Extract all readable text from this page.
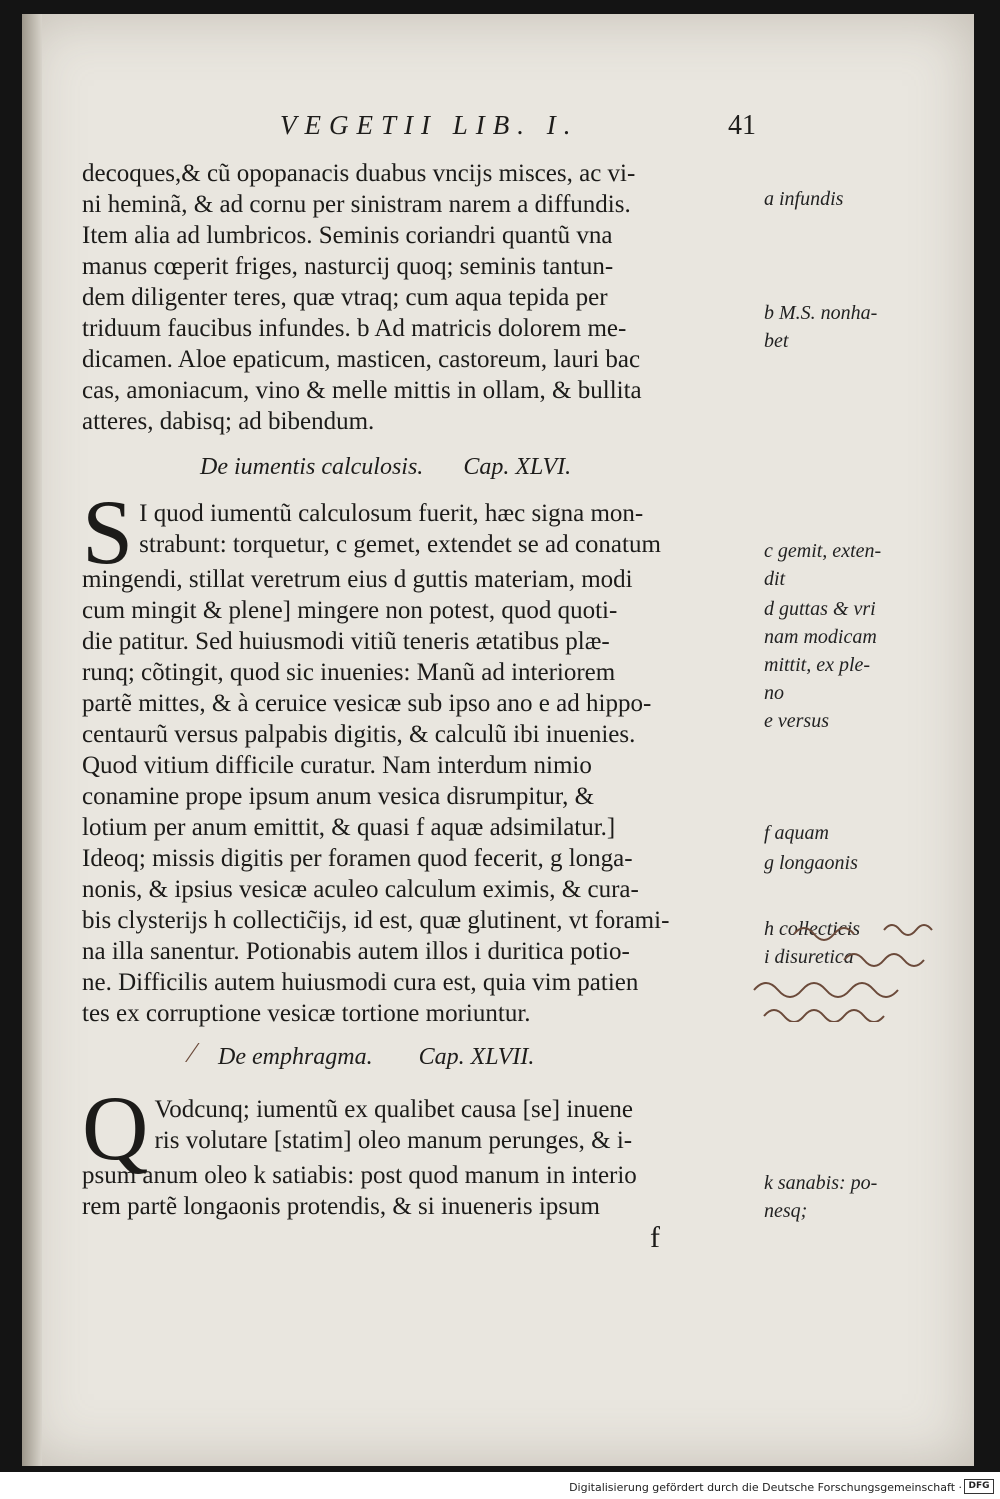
VEGETII LIB. I.	41
decoques,& cũ opopanacis duabus vncijs misces, ac vi-
ni heminã, & ad cornu per sinistram narem a diffundis.
Item alia ad lumbricos. Seminis coriandri quantũ vna
manus cœperit friges, nasturcij quoq; seminis tantun-
dem diligenter teres, quæ vtraq; cum aqua tepida per
triduum faucibus infundes. b Ad matricis dolorem me-
dicamen. Aloe epaticum, masticen, castoreum, lauri bac
cas, amoniacum, vino & melle mittis in ollam, & bullita
atteres, dabisq; ad bibendum.
De iumentis calculosis. Cap. XLVI.
S I quod iumentũ calculosum fuerit, hæc signa mon-
strabunt: torquetur, c gemet, extendet se ad conatum
mingendi, stillat veretrum eius d guttis materiam, modi
cum mingit & plene] mingere non potest, quod quoti-
die patitur. Sed huiusmodi vitiũ teneris ætatibus plæ-
runq; cõtingit, quod sic inuenies: Manũ ad interiorem
partẽ mittes, & à ceruice vesicæ sub ipso ano e ad hippo-
centaurũ versus palpabis digitis, & calculũ ibi inuenies.
Quod vitium difficile curatur. Nam interdum nimio
conamine prope ipsum anum vesica disrumpitur, &
lotium per anum emittit, & quasi f aquæ adsimilatur.]
Ideoq; missis digitis per foramen quod fecerit, g longa-
nonis, & ipsius vesicæ aculeo calculum eximis, & cura-
bis clysterijs h collectic̃ijs, id est, quæ glutinent, vt forami-
na illa sanentur. Potionabis autem illos i duritica potio-
ne. Difficilis autem huiusmodi cura est, quia vim patien
tes ex corruptione vesicæ tortione moriuntur.
De emphragma. Cap. XLVII.
⁄
Q Vodcunq; iumentũ ex qualibet causa [se] inuene
ris volutare [statim] oleo manum perunges, & i-
psum anum oleo k satiabis: post quod manum in interio
rem partẽ longaonis protendis, & si inueneris ipsum
f
a infundis
b M.S. nonha-
bet
c gemit, exten-
dit
d guttas & vri
nam modicam
mittit, ex ple-
no
e versus
f aquam
g longaonis
h collecticis
i disuretica
k sanabis: po-
nesq;
Digitalisierung gefördert durch die Deutsche Forschungsgemeinschaft · DFG
